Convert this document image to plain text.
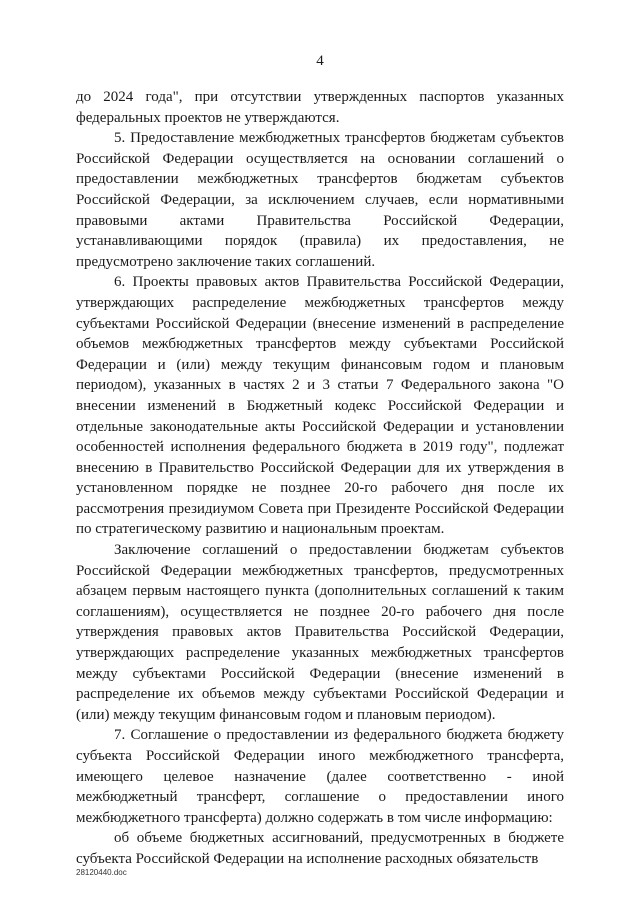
4

до 2024 года", при отсутствии утвержденных паспортов указанных федеральных проектов не утверждаются.

5. Предоставление межбюджетных трансфертов бюджетам субъектов Российской Федерации осуществляется на основании соглашений о предоставлении межбюджетных трансфертов бюджетам субъектов Российской Федерации, за исключением случаев, если нормативными правовыми актами Правительства Российской Федерации, устанавливающими порядок (правила) их предоставления, не предусмотрено заключение таких соглашений.

6. Проекты правовых актов Правительства Российской Федерации, утверждающих распределение межбюджетных трансфертов между субъектами Российской Федерации (внесение изменений в распределение объемов межбюджетных трансфертов между субъектами Российской Федерации и (или) между текущим финансовым годом и плановым периодом), указанных в частях 2 и 3 статьи 7 Федерального закона "О внесении изменений в Бюджетный кодекс Российской Федерации и отдельные законодательные акты Российской Федерации и установлении особенностей исполнения федерального бюджета в 2019 году", подлежат внесению в Правительство Российской Федерации для их утверждения в установленном порядке не позднее 20-го рабочего дня после их рассмотрения президиумом Совета при Президенте Российской Федерации по стратегическому развитию и национальным проектам.

Заключение соглашений о предоставлении бюджетам субъектов Российской Федерации межбюджетных трансфертов, предусмотренных абзацем первым настоящего пункта (дополнительных соглашений к таким соглашениям), осуществляется не позднее 20-го рабочего дня после утверждения правовых актов Правительства Российской Федерации, утверждающих распределение указанных межбюджетных трансфертов между субъектами Российской Федерации (внесение изменений в распределение их объемов между субъектами Российской Федерации и (или) между текущим финансовым годом и плановым периодом).

7. Соглашение о предоставлении из федерального бюджета бюджету субъекта Российской Федерации иного межбюджетного трансферта, имеющего целевое назначение (далее соответственно - иной межбюджетный трансферт, соглашение о предоставлении иного межбюджетного трансферта) должно содержать в том числе информацию:

об объеме бюджетных ассигнований, предусмотренных в бюджете субъекта Российской Федерации на исполнение расходных обязательств

28120440.doc
